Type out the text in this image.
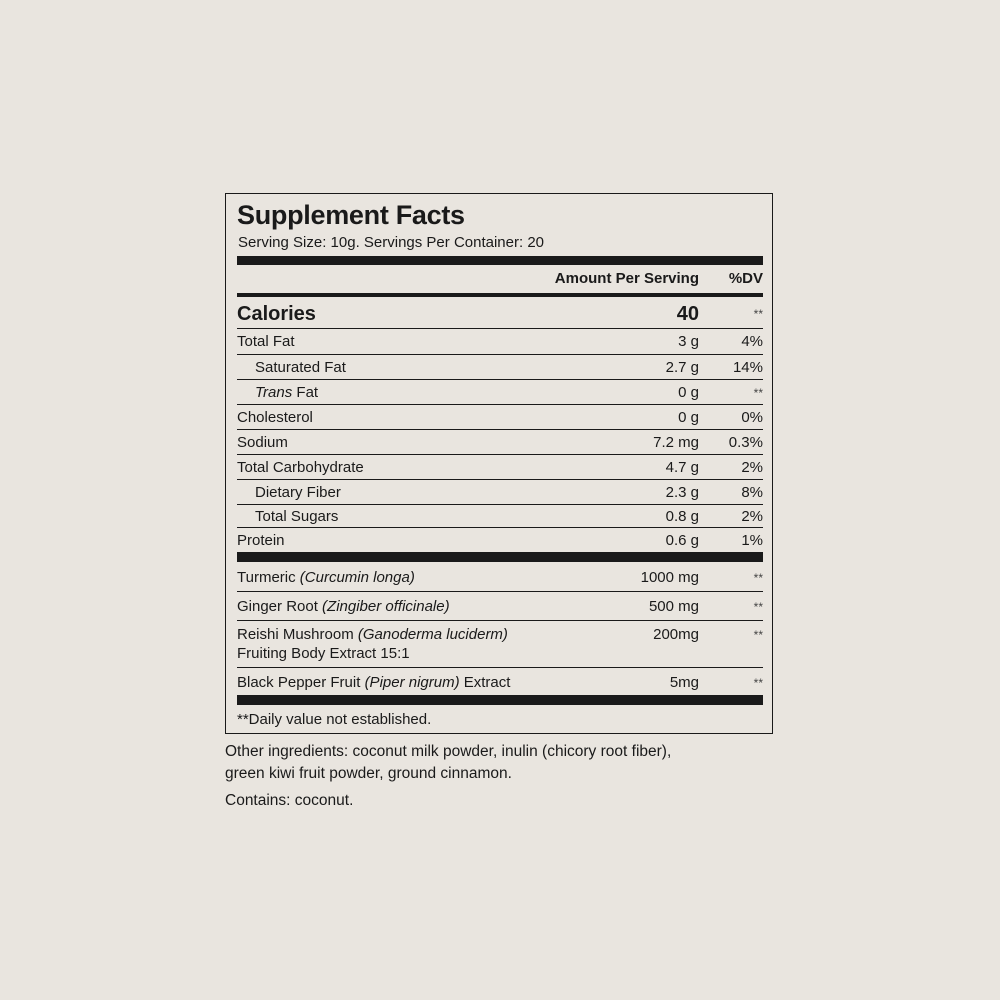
Supplement Facts
Serving Size: 10g. Servings Per Container: 20
Amount Per Serving %DV
Calories	40	**
Total Fat	3 g	4%
Saturated Fat	2.7 g 14%
Trans Fat	0 g	**
Cholesterol	0 g	0%
Sodium	7.2 mg 0.3%
Total Carbohydrate	4.7 g	2%
Dietary Fiber	2.3 g	8%
Total Sugars	0.8 g	2%
Protein	0.6 g	1%
Turmeric (Curcumin longa)	1000 mg	**
Ginger Root (Zingiber officinale)	500 mg	**
Reishi Mushroom (Ganoderma luciderm)
Fruiting Body Extract 15:1
200mg	**
Black Pepper Fruit (Piper nigrum) Extract	5mg	**
**Daily value not established.
Other ingredients: coconut milk powder, inulin (chicory root fiber),
green kiwi fruit powder, ground cinnamon.
Contains: coconut.
